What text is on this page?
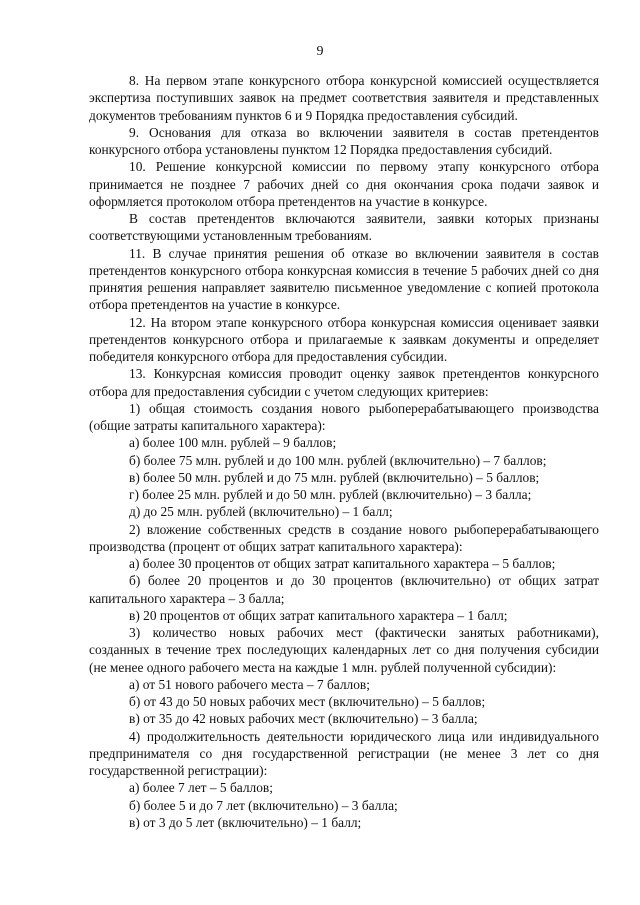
9

8. На первом этапе конкурсного отбора конкурсной комиссией осуществляется экспертиза поступивших заявок на предмет соответствия заявителя и представленных документов требованиям пунктов 6 и 9 Порядка предоставления субсидий.

9. Основания для отказа во включении заявителя в состав претендентов конкурсного отбора установлены пунктом 12 Порядка предоставления субсидий.

10. Решение конкурсной комиссии по первому этапу конкурсного отбора принимается не позднее 7 рабочих дней со дня окончания срока подачи заявок и оформляется протоколом отбора претендентов на участие в конкурсе.

В состав претендентов включаются заявители, заявки которых признаны соответствующими установленным требованиям.

11. В случае принятия решения об отказе во включении заявителя в состав претендентов конкурсного отбора конкурсная комиссия в течение 5 рабочих дней со дня принятия решения направляет заявителю письменное уведомление с копией протокола отбора претендентов на участие в конкурсе.

12. На втором этапе конкурсного отбора конкурсная комиссия оценивает заявки претендентов конкурсного отбора и прилагаемые к заявкам документы и определяет победителя конкурсного отбора для предоставления субсидии.

13. Конкурсная комиссия проводит оценку заявок претендентов конкурсного отбора для предоставления субсидии с учетом следующих критериев:

1) общая стоимость создания нового рыбоперерабатывающего производства (общие затраты капитального характера):

а) более 100 млн. рублей – 9 баллов;

б) более 75 млн. рублей и до 100 млн. рублей (включительно) – 7 баллов;

в) более 50 млн. рублей и до 75 млн. рублей (включительно) – 5 баллов;

г) более 25 млн. рублей и до 50 млн. рублей (включительно) – 3 балла;

д) до 25 млн. рублей (включительно) – 1 балл;

2) вложение собственных средств в создание нового рыбоперерабатывающего производства (процент от общих затрат капитального характера):

а) более 30 процентов от общих затрат капитального характера – 5 баллов;

б) более 20 процентов и до 30 процентов (включительно) от общих затрат капитального характера – 3 балла;

в) 20 процентов от общих затрат капитального характера – 1 балл;

3) количество новых рабочих мест (фактически занятых работниками), созданных в течение трех последующих календарных лет со дня получения субсидии (не менее одного рабочего места на каждые 1 млн. рублей полученной субсидии):

а) от 51 нового рабочего места – 7 баллов;

б) от 43 до 50 новых рабочих мест (включительно) – 5 баллов;

в) от 35 до 42 новых рабочих мест (включительно) – 3 балла;

4) продолжительность деятельности юридического лица или индивидуального предпринимателя со дня государственной регистрации (не менее 3 лет со дня государственной регистрации):

а) более 7 лет – 5 баллов;

б) более 5 и до 7 лет (включительно) – 3 балла;

в) от 3 до 5 лет (включительно) – 1 балл;
